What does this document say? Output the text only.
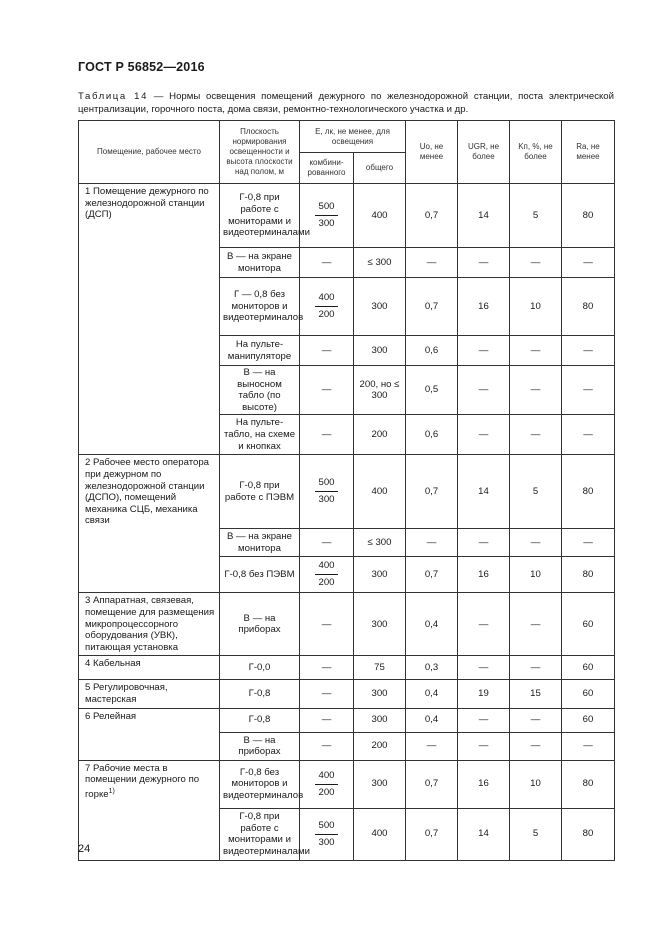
ГОСТ Р 56852—2016
Таблица 14 — Нормы освещения помещений дежурного по железнодорожной станции, поста электрической централизации, горочного поста, дома связи, ремонтно-технологического участка и др.
Помещение, рабочее место	Плоскость нормирования освещенности и высота плоскости над полом, м	E, лк, не менее, для освещения		Uo, не менее	UGR, не более	Kп, %, не более	Ra, не менее
		комбини-рованного	общего				
1 Помещение дежурного по железнодорожной станции (ДСП)	Г-0,8 при работе с мониторами и видеотерминалами	$\frac{500}{300}$	400	0,7	14	5	80
	В — на экране монитора	—	≤ 300	—	—	—	—
	Г — 0,8 без мониторов и видеотерминалов	$\frac{400}{200}$	300	0,7	16	10	80
	На пульте-манипуляторе	—	300	0,6	—	—	—
	В — на выносном табло (по высоте)	—	200, но ≤ 300	0,5	—	—	—
	На пульте-табло, на схеме и кнопках	—	200	0,6	—	—	—
2 Рабочее место оператора при дежурном по железнодорожной станции (ДСПО), помещений механика СЦБ, механика связи	Г-0,8 при работе с ПЭВМ	$\frac{500}{300}$	400	0,7	14	5	80
	В — на экране монитора	—	≤ 300	—	—	—	—
	Г-0,8 без ПЭВМ	$\frac{400}{200}$	300	0,7	16	10	80
3 Аппаратная, связевая, помещение для размещения микропроцессорного оборудования (УВК), питающая установка	В — на приборах	—	300	0,4	—	—	60
4 Кабельная	Г-0,0	—	75	0,3	—	—	60
5 Регулировочная, мастерская	Г-0,8	—	300	0,4	19	15	60
6 Релейная	Г-0,8	—	300	0,4	—	—	60
	В — на приборах	—	200	—	—	—	—
7 Рабочие места в помещении дежурного по горке$^{1)}$	Г-0,8 без мониторов и видеотерминалов	$\frac{400}{200}$	300	0,7	16	10	80
	Г-0,8 при работе с мониторами и видеотерминалами	$\frac{500}{300}$	400	0,7	14	5	80
24
